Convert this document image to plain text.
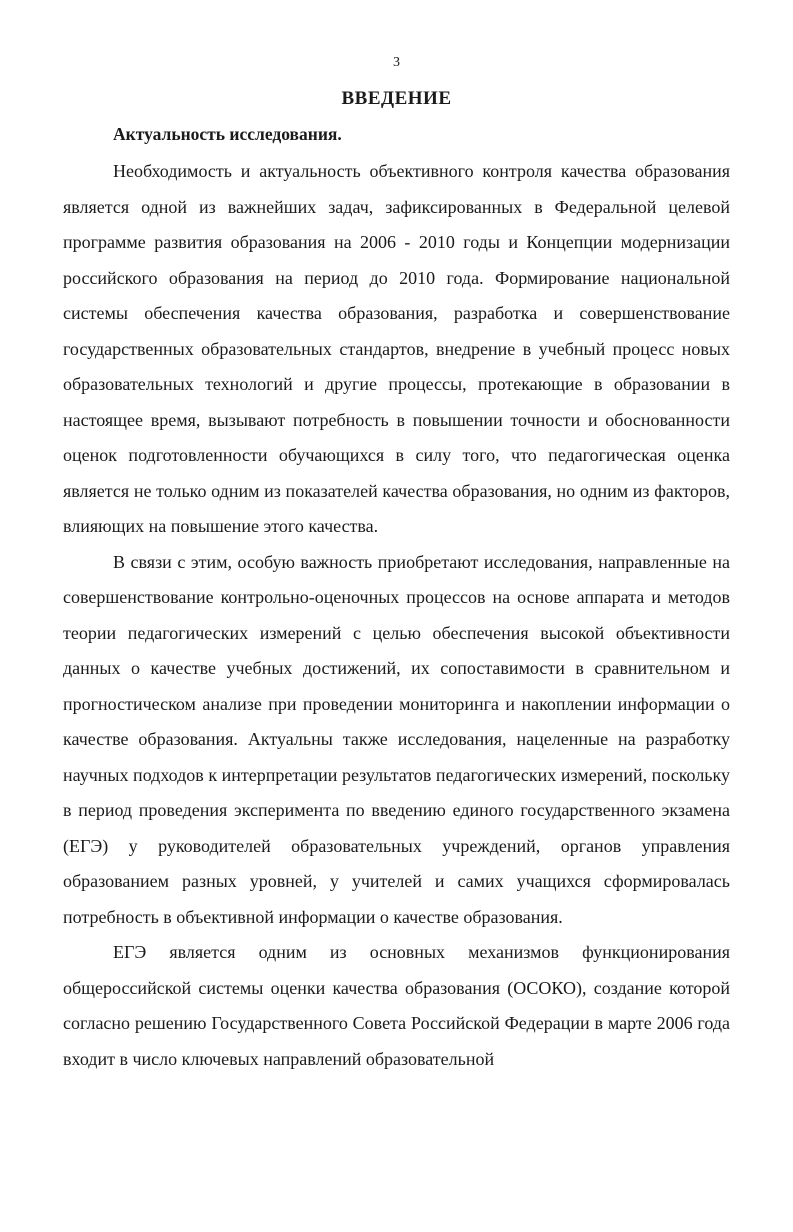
3
ВВЕДЕНИЕ
Актуальность исследования.

Необходимость и актуальность объективного контроля качества образования является одной из важнейших задач, зафиксированных в Федеральной целевой программе развития образования на 2006 - 2010 годы и Концепции модернизации российского образования на период до 2010 года. Формирование национальной системы обеспечения качества образования, разработка и совершенствование государственных образовательных стандартов, внедрение в учебный процесс новых образовательных технологий и другие процессы, протекающие в образовании в настоящее время, вызывают потребность в повышении точности и обоснованности оценок подготовленности обучающихся в силу того, что педагогическая оценка является не только одним из показателей качества образования, но одним из факторов, влияющих на повышение этого качества.

В связи с этим, особую важность приобретают исследования, направленные на совершенствование контрольно-оценочных процессов на основе аппарата и методов теории педагогических измерений с целью обеспечения высокой объективности данных о качестве учебных достижений, их сопоставимости в сравнительном и прогностическом анализе при проведении мониторинга и накоплении информации о качестве образования. Актуальны также исследования, нацеленные на разработку научных подходов к интерпретации результатов педагогических измерений, поскольку в период проведения эксперимента по введению единого государственного экзамена (ЕГЭ) у руководителей образовательных учреждений, органов управления образованием разных уровней, у учителей и самих учащихся сформировалась потребность в объективной информации о качестве образования.

ЕГЭ является одним из основных механизмов функционирования общероссийской системы оценки качества образования (ОСОКО), создание которой согласно решению Государственного Совета Российской Федерации в марте 2006 года входит в число ключевых направлений образовательной
